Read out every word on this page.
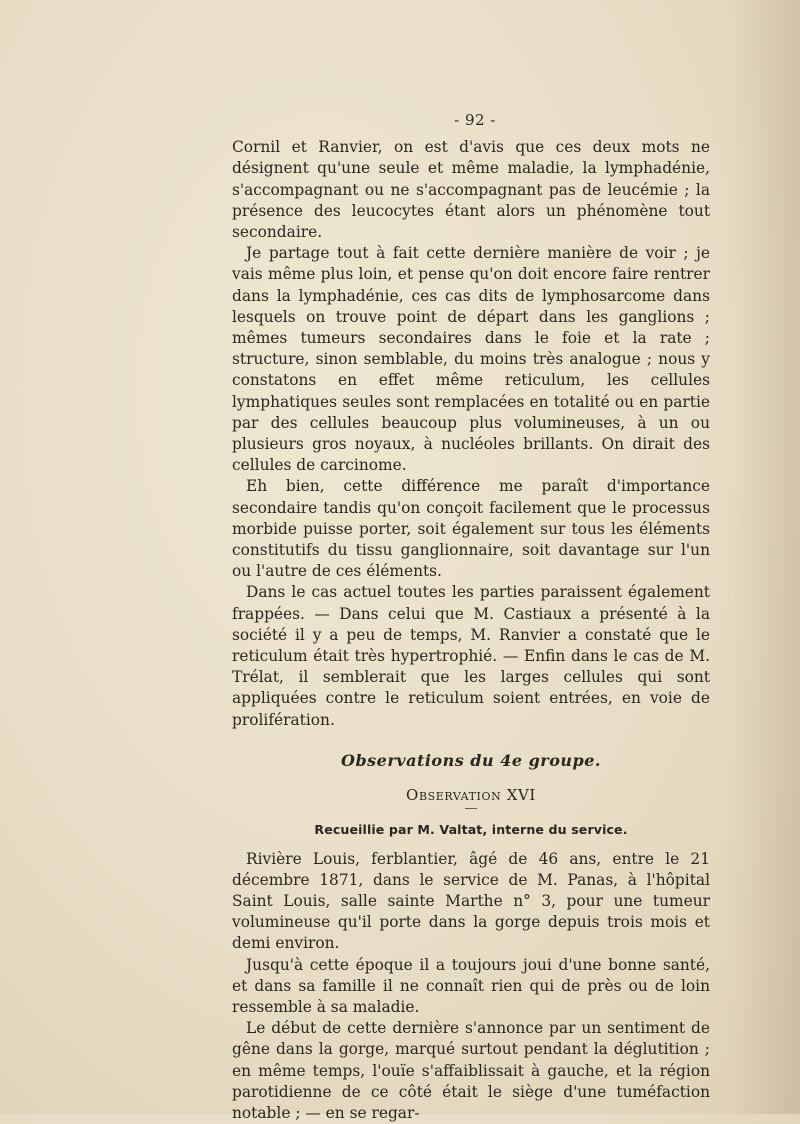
- 92 -

Cornil et Ranvier, on est d'avis que ces deux mots ne désignent qu'une seule et même maladie, la lymphadénie, s'accompagnant ou ne s'accompagnant pas de leucémie ; la présence des leucocytes étant alors un phénomène tout secondaire.

Je partage tout à fait cette dernière manière de voir ; je vais même plus loin, et pense qu'on doit encore faire rentrer dans la lymphadénie, ces cas dits de lymphosarcome dans lesquels on trouve point de départ dans les ganglions ; mêmes tumeurs secondaires dans le foie et la rate ; structure, sinon semblable, du moins très analogue ; nous y constatons en effet même reticulum, les cellules lymphatiques seules sont remplacées en totalité ou en partie par des cellules beaucoup plus volumineuses, à un ou plusieurs gros noyaux, à nucléoles brillants. On dirait des cellules de carcinome.

Eh bien, cette différence me paraît d'importance secondaire tandis qu'on conçoit facilement que le processus morbide puisse porter, soit également sur tous les éléments constitutifs du tissu ganglionnaire, soit davantage sur l'un ou l'autre de ces éléments.

Dans le cas actuel toutes les parties paraissent également frappées. — Dans celui que M. Castiaux a présenté à la société il y a peu de temps, M. Ranvier a constaté que le reticulum était très hypertrophié. — Enfin dans le cas de M. Trélat, il semblerait que les larges cellules qui sont appliquées contre le reticulum soient entrées, en voie de prolifération.

Observations du 4e groupe.
Observation XVI
Recueillie par M. Valtat, interne du service.

Rivière Louis, ferblantier, âgé de 46 ans, entre le 21 décembre 1871, dans le service de M. Panas, à l'hôpital Saint Louis, salle sainte Marthe n° 3, pour une tumeur volumineuse qu'il porte dans la gorge depuis trois mois et demi environ.

Jusqu'à cette époque il a toujours joui d'une bonne santé, et dans sa famille il ne connaît rien qui de près ou de loin ressemble à sa maladie.

Le début de cette dernière s'annonce par un sentiment de gêne dans la gorge, marqué surtout pendant la déglutition ; en même temps, l'ouïe s'affaiblissait à gauche, et la région parotidienne de ce côté était le siège d'une tuméfaction notable ; — en se regar-
